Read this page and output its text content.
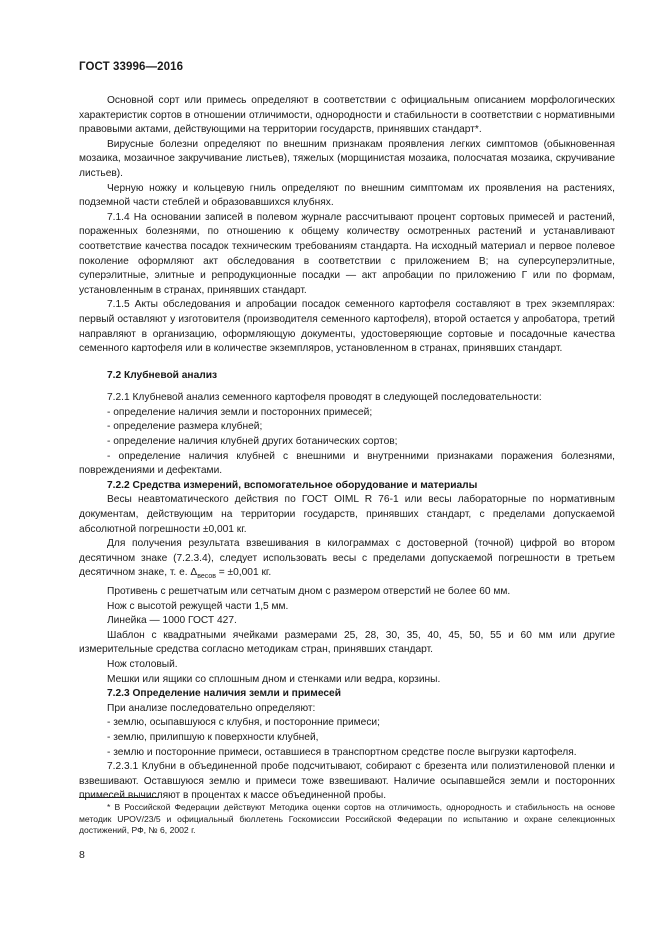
ГОСТ 33996—2016

Основной сорт или примесь определяют в соответствии с официальным описанием морфологических характеристик сортов в отношении отличимости, однородности и стабильности в соответствии с нормативными правовыми актами, действующими на территории государств, принявших стандарт*.

Вирусные болезни определяют по внешним признакам проявления легких симптомов (обыкновенная мозаика, мозаичное закручивание листьев), тяжелых (морщинистая мозаика, полосчатая мозаика, скручивание листьев).

Черную ножку и кольцевую гниль определяют по внешним симптомам их проявления на растениях, подземной части стеблей и образовавшихся клубнях.

7.1.4 На основании записей в полевом журнале рассчитывают процент сортовых примесей и растений, пораженных болезнями, по отношению к общему количеству осмотренных растений и устанавливают соответствие качества посадок техническим требованиям стандарта. На исходный материал и первое полевое поколение оформляют акт обследования в соответствии с приложением В; на суперсуперэлитные, суперэлитные, элитные и репродукционные посадки — акт апробации по приложению Г или по формам, установленным в странах, принявших стандарт.

7.1.5 Акты обследования и апробации посадок семенного картофеля составляют в трех экземплярах: первый оставляют у изготовителя (производителя семенного картофеля), второй остается у апробатора, третий направляют в организацию, оформляющую документы, удостоверяющие сортовые и посадочные качества семенного картофеля или в количестве экземпляров, установленном в странах, принявших стандарт.

7.2 Клубневой анализ

7.2.1 Клубневой анализ семенного картофеля проводят в следующей последовательности:

- определение наличия земли и посторонних примесей;

- определение размера клубней;

- определение наличия клубней других ботанических сортов;

- определение наличия клубней с внешними и внутренними признаками поражения болезнями, повреждениями и дефектами.

7.2.2 Средства измерений, вспомогательное оборудование и материалы

Весы неавтоматического действия по ГОСТ OIML R 76-1 или весы лабораторные по нормативным документам, действующим на территории государств, принявших стандарт, с пределами допускаемой абсолютной погрешности ±0,001 кг.

Для получения результата взвешивания в килограммах с достоверной (точной) цифрой во втором десятичном знаке (7.2.3.4), следует использовать весы с пределами допускаемой погрешности в третьем десятичном знаке, т. е. $\Delta_{весов} = \pm 0,001$ кг.

Противень с решетчатым или сетчатым дном с размером отверстий не более 60 мм.

Нож с высотой режущей части 1,5 мм.

Линейка — 1000 ГОСТ 427.

Шаблон с квадратными ячейками размерами 25, 28, 30, 35, 40, 45, 50, 55 и 60 мм или другие измерительные средства согласно методикам стран, принявших стандарт.

Нож столовый.

Мешки или ящики со сплошным дном и стенками или ведра, корзины.

7.2.3 Определение наличия земли и примесей

При анализе последовательно определяют:

- землю, осыпавшуюся с клубня, и посторонние примеси;

- землю, прилипшую к поверхности клубней,

- землю и посторонние примеси, оставшиеся в транспортном средстве после выгрузки картофеля.

7.2.3.1 Клубни в объединенной пробе подсчитывают, собирают с брезента или полиэтиленовой пленки и взвешивают. Оставшуюся землю и примеси тоже взвешивают. Наличие осыпавшейся земли и посторонних примесей вычисляют в процентах к массе объединенной пробы.

* В Российской Федерации действуют Методика оценки сортов на отличимость, однородность и стабильность на основе методик UPOV/23/5 и официальный бюллетень Госкомиссии Российской Федерации по испытанию и охране селекционных достижений, РФ, № 6, 2002 г.
8
